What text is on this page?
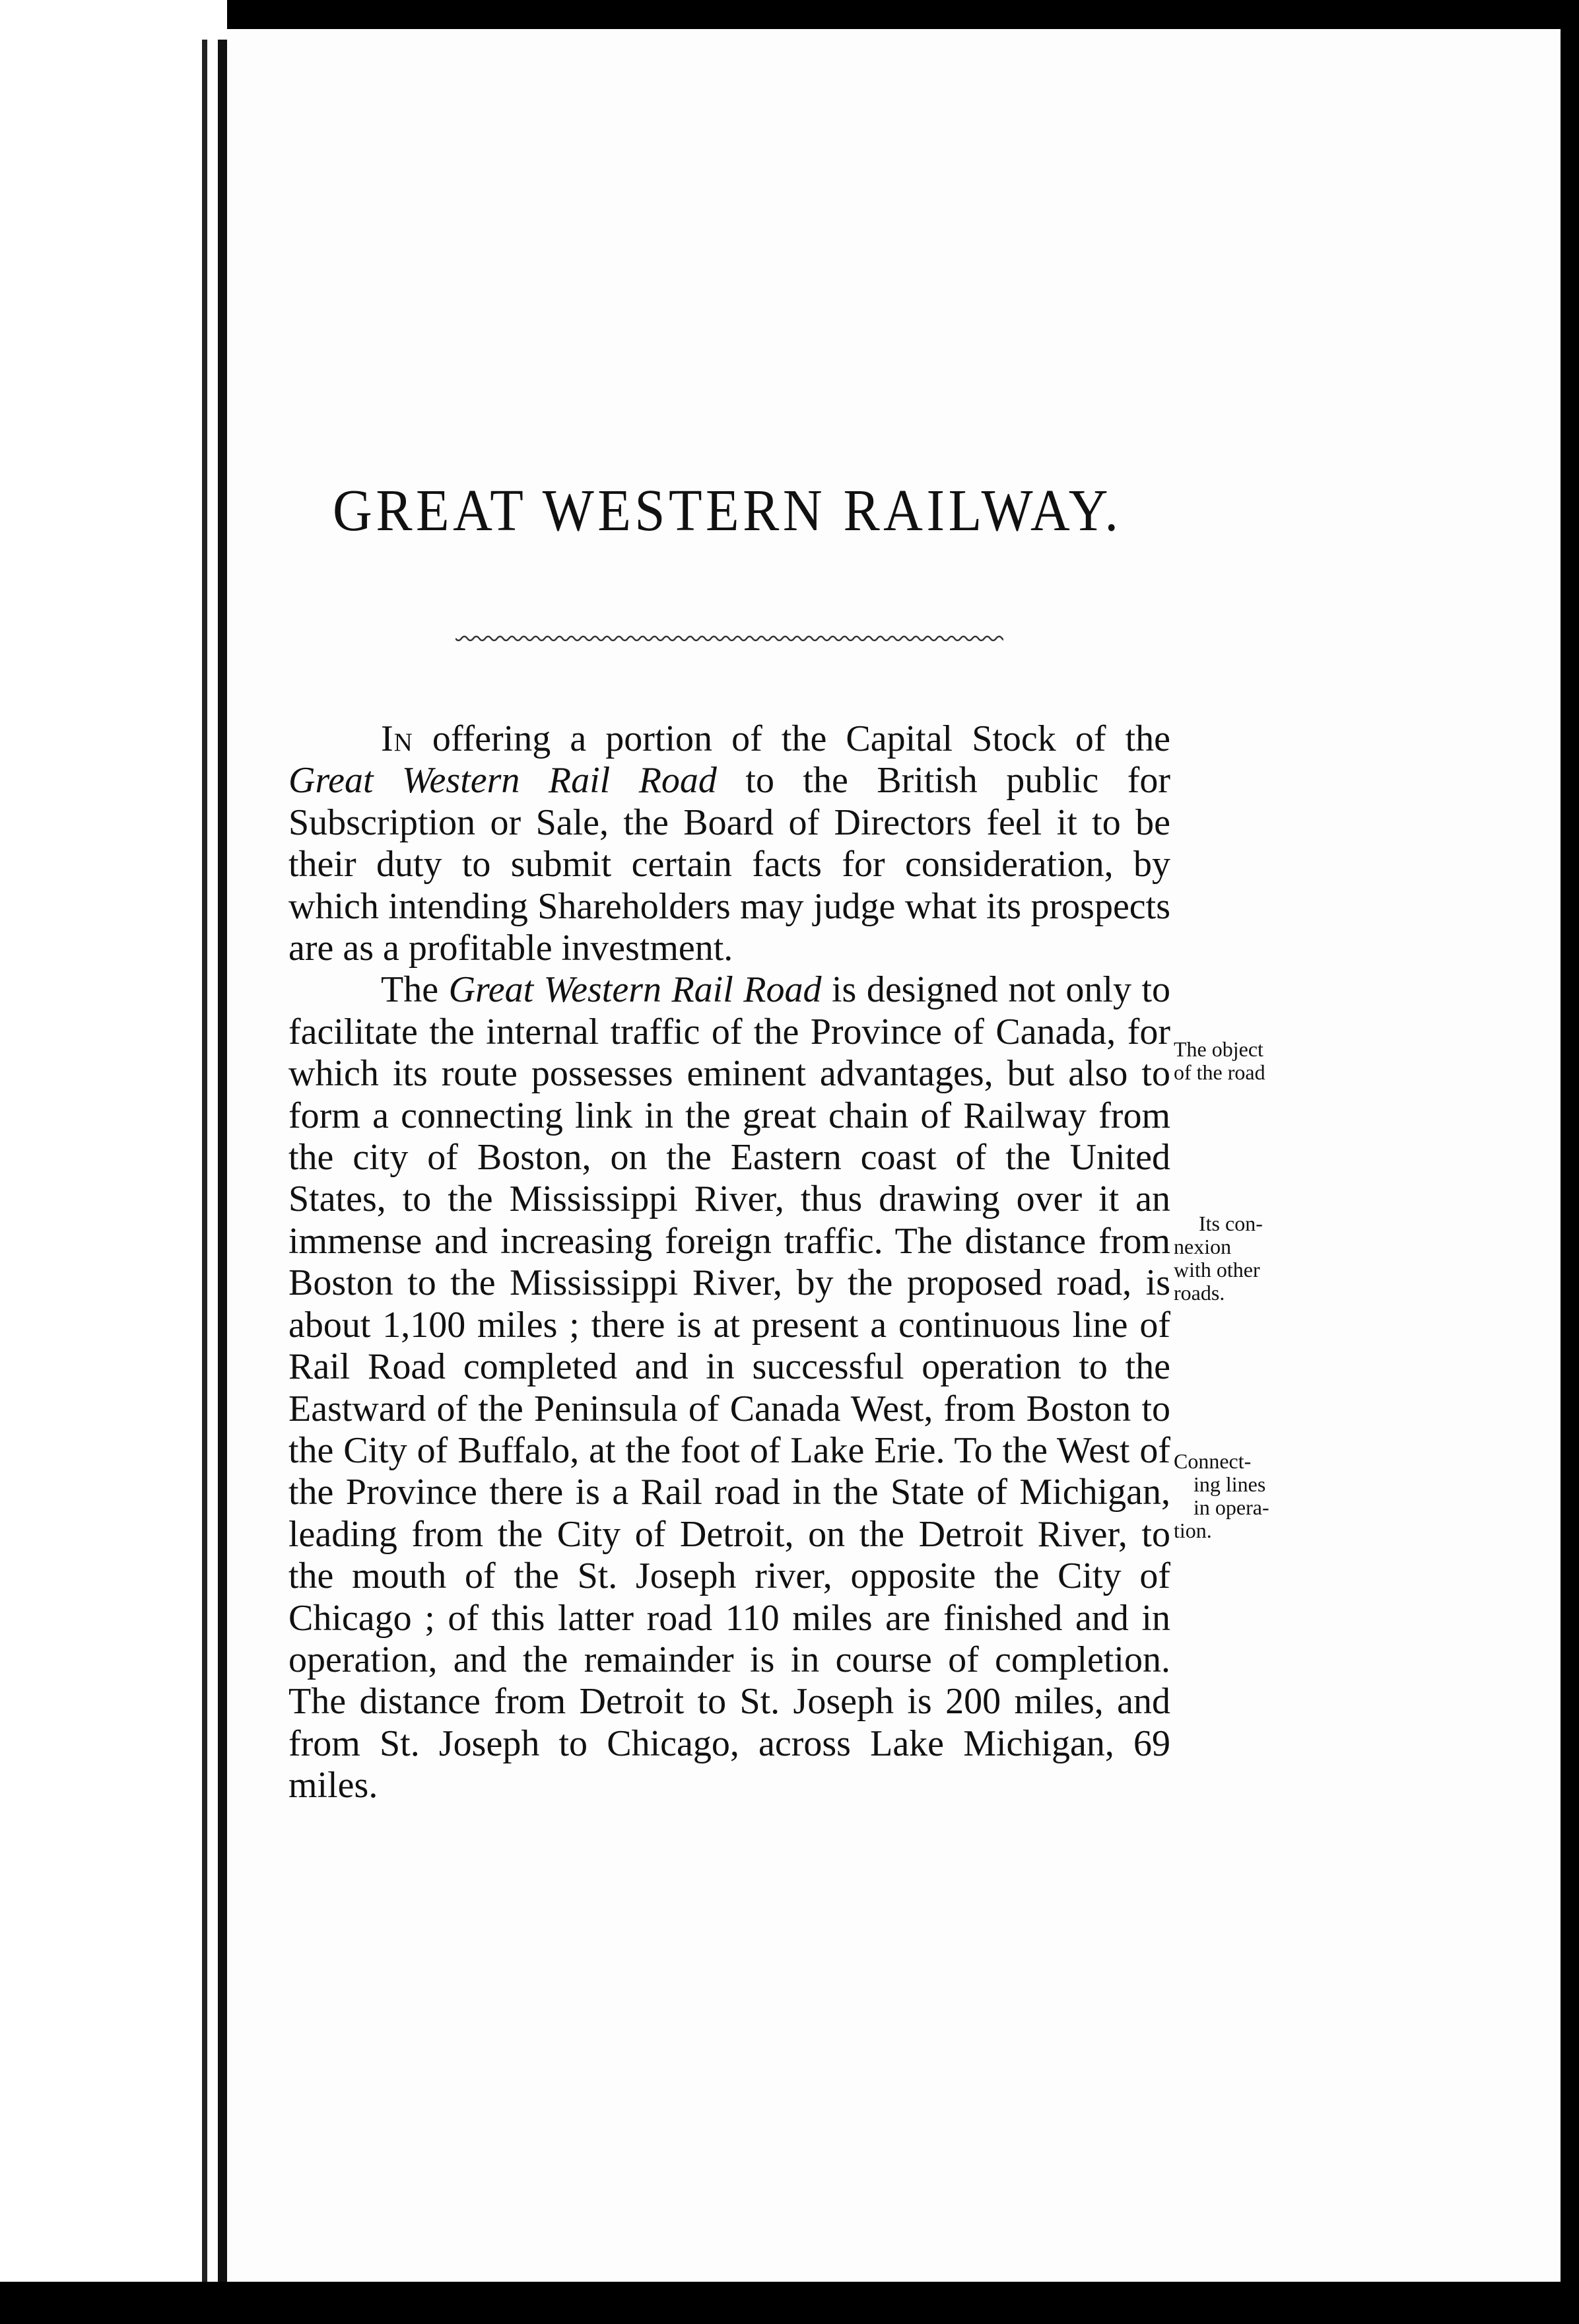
GREAT WESTERN RAILWAY.

In offering a portion of the Capital Stock of the Great Western Rail Road to the British public for Subscription or Sale, the Board of Directors feel it to be their duty to submit certain facts for consideration, by which intending Shareholders may judge what its prospects are as a profitable investment.

The Great Western Rail Road is designed not only to facilitate the internal traffic of the Province of Canada, for which its route possesses eminent advantages, but also to form a connecting link in the great chain of Railway from the city of Boston, on the Eastern coast of the United States, to the Mississippi River, thus drawing over it an immense and increasing foreign traffic. The distance from Boston to the Mississippi River, by the proposed road, is about 1,100 miles ; there is at present a continuous line of Rail Road completed and in successful operation to the Eastward of the Peninsula of Canada West, from Boston to the City of Buffalo, at the foot of Lake Erie. To the West of the Province there is a Rail road in the State of Michigan, leading from the City of Detroit, on the Detroit River, to the mouth of the St. Joseph river, opposite the City of Chicago ; of this latter road 110 miles are finished and in operation, and the remainder is in course of completion. The distance from Detroit to St. Joseph is 200 miles, and from St. Joseph to Chicago, across Lake Michigan, 69 miles.

The object
of the road
Its con-
nexion
with other
roads.
Connect-
ing lines
in opera-
tion.
